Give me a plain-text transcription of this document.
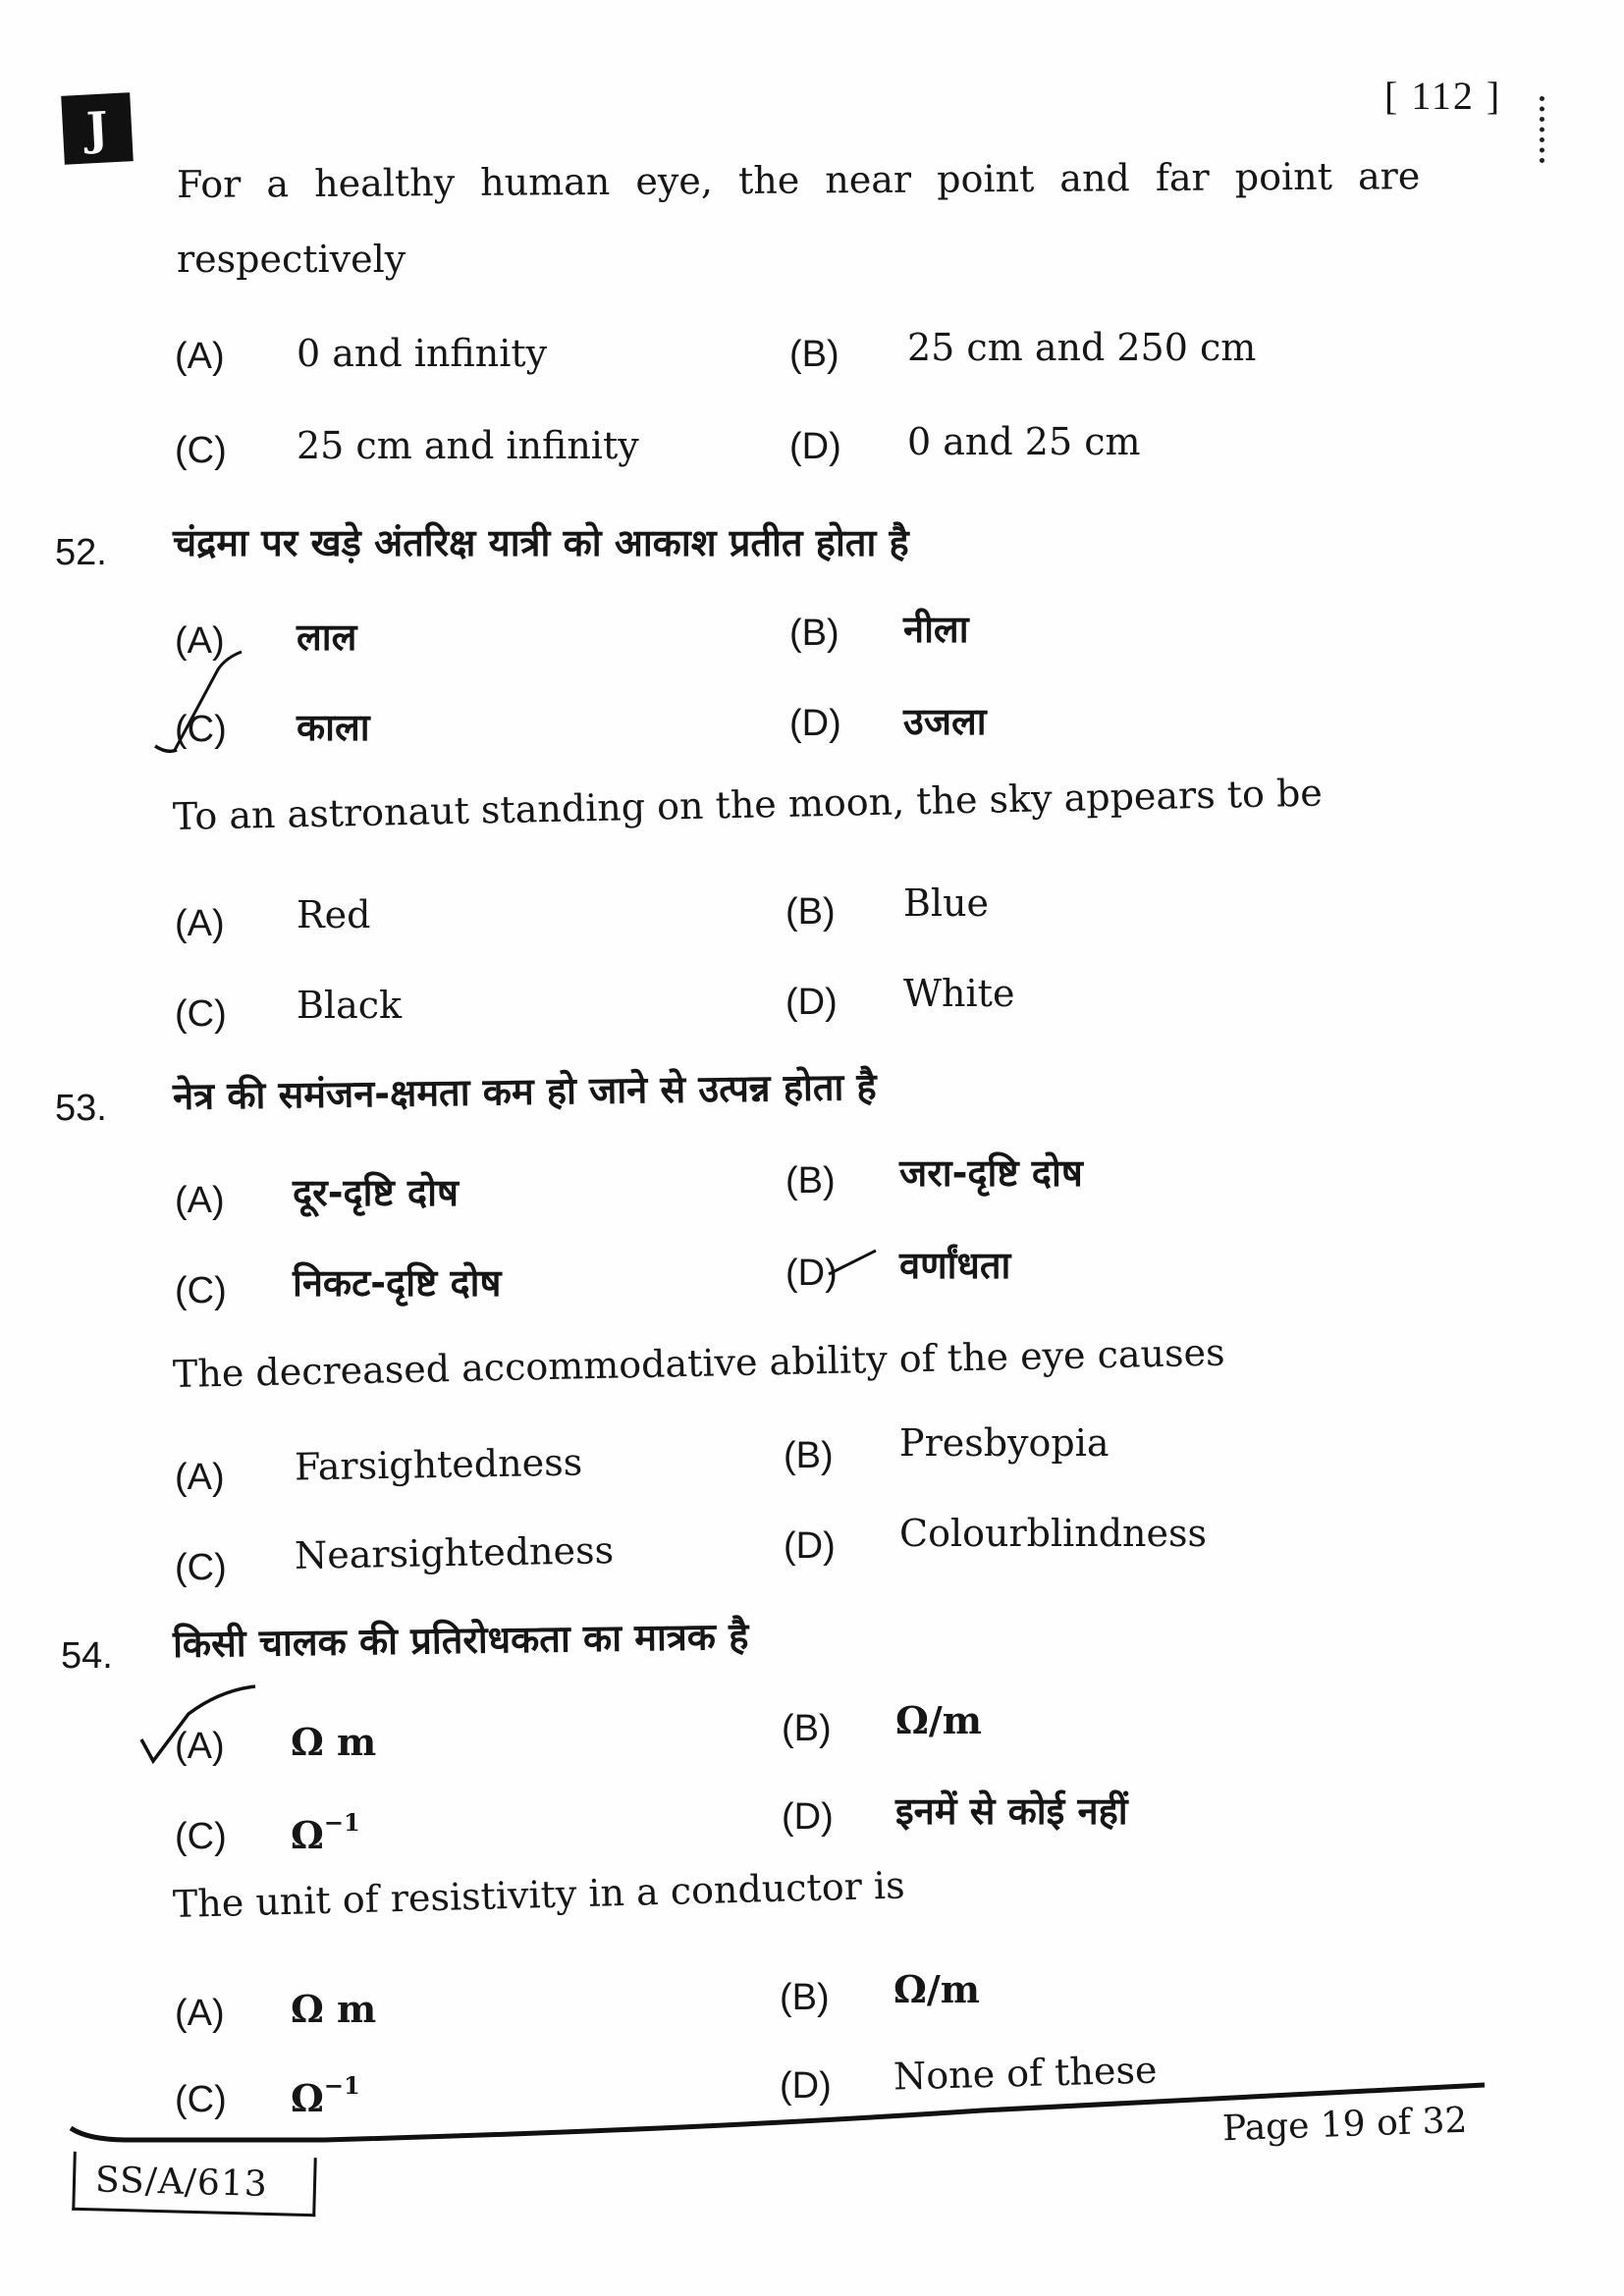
J
[ 112 ]
For a healthy human eye, the near point and far point are
respectively
(A) 0 and infinity	(B) 25 cm and 250 cm
(C) 25 cm and infinity	(D) 0 and 25 cm
52. चंद्रमा पर खड़े अंतरिक्ष यात्री को आकाश प्रतीत होता है
(A) लाल	(B) नीला
(C) काला	(D) उजला
To an astronaut standing on the moon, the sky appears to be
(A) Red	(B) Blue
(C) Black	(D) White
53. नेत्र की समंजन-क्षमता कम हो जाने से उत्पन्न होता है
(A) दूर-दृष्टि दोष	(B) जरा-दृष्टि दोष
(C) निकट-दृष्टि दोष	(D) वर्णांधता
The decreased accommodative ability of the eye causes
(A) Farsightedness	(B) Presbyopia
(C) Nearsightedness	(D) Colourblindness
54. किसी चालक की प्रतिरोधकता का मात्रक है
(A) Ω m	(B) Ω/m
(C) $\Omega^{-1}$	(D) इनमें से कोई नहीं
The unit of resistivity in a conductor is
(A) Ω m	(B) Ω/m
(C) $\Omega^{-1}$	(D) None of these
SS/A/613
Page 19 of 32
